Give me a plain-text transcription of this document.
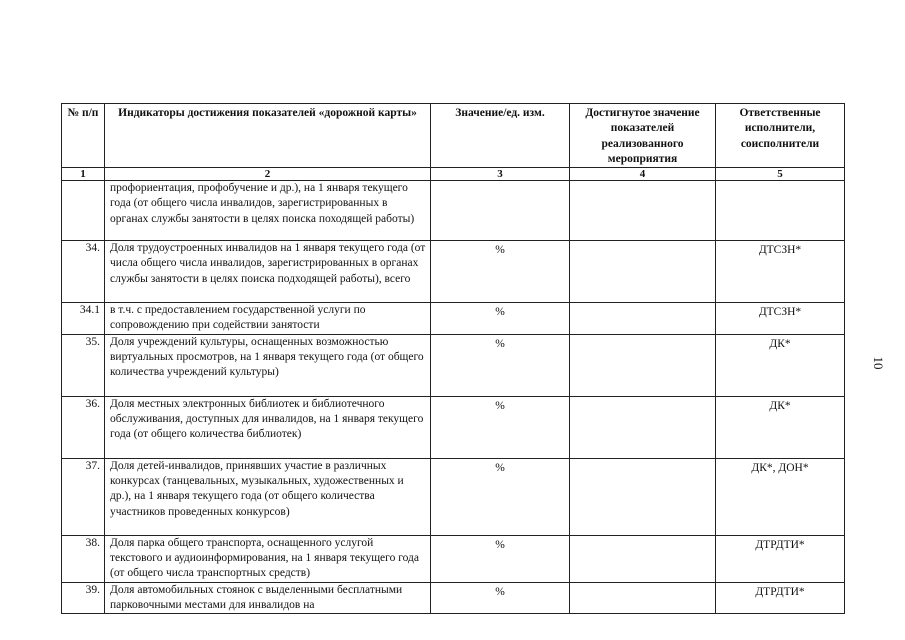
№ п/п	Индикаторы достижения показателей «дорожной карты»	Значение/ед. изм.	Достигнутое значение показателей реализованного мероприятия	Ответственные исполнители, соисполнители
1	2	3	4	5
	профориентация, профобучение и др.), на 1 января текущего года (от общего числа инвалидов, зарегистрированных в органах службы занятости в целях поиска походящей работы)			
34.	Доля трудоустроенных инвалидов на 1 января текущего года (от числа общего числа инвалидов, зарегистрированных в органах службы занятости в целях поиска подходящей работы), всего	%		ДТСЗН*
34.1	в т.ч. с предоставлением государственной услуги по сопровождению при содействии занятости	%		ДТСЗН*
35.	Доля учреждений культуры, оснащенных возможностью виртуальных просмотров, на 1 января текущего года (от общего количества учреждений культуры)	%		ДК*
36.	Доля местных электронных библиотек и библиотечного обслуживания, доступных для инвалидов, на 1 января текущего года (от общего количества библиотек)	%		ДК*
37.	Доля детей-инвалидов, принявших участие в различных конкурсах (танцевальных, музыкальных, художественных и др.), на 1 января текущего года (от общего количества участников проведенных конкурсов)	%		ДК*, ДОН*
38.	Доля парка общего транспорта, оснащенного услугой текстового и аудиоинформирования, на 1 января текущего года (от общего числа транспортных средств)	%		ДТРДТИ*
39.	Доля автомобильных стоянок с выделенными бесплатными парковочными местами для инвалидов на	%		ДТРДТИ*
10
